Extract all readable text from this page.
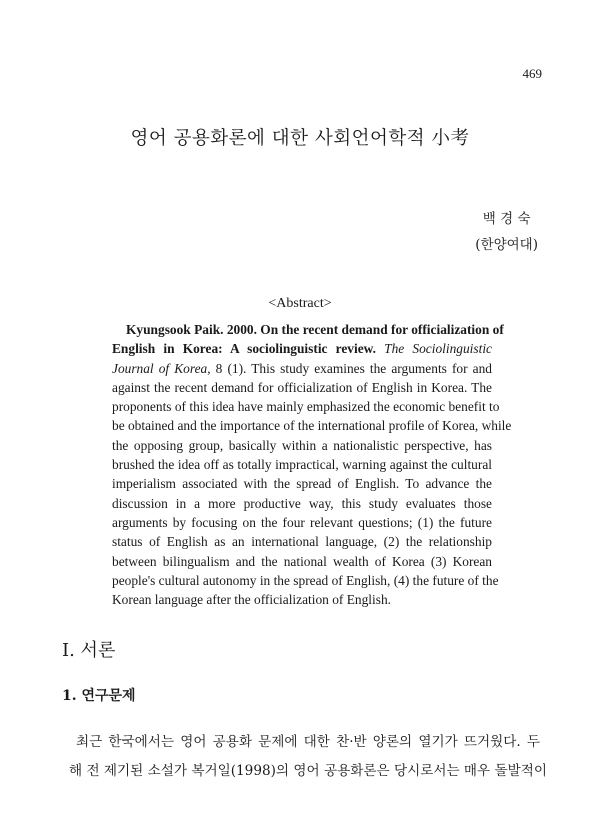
469
영어 공용화론에 대한 사회언어학적 小考
백 경 숙
(한양여대)
<Abstract>
Kyungsook Paik. 2000. On the recent demand for officialization of
English in Korea: A sociolinguistic review. The Sociolinguistic
Journal of Korea, 8 (1). This study examines the arguments for and
against the recent demand for officialization of English in Korea. The
proponents of this idea have mainly emphasized the economic benefit to
be obtained and the importance of the international profile of Korea, while
the opposing group, basically within a nationalistic perspective, has
brushed the idea off as totally impractical, warning against the cultural
imperialism associated with the spread of English. To advance the
discussion in a more productive way, this study evaluates those
arguments by focusing on the four relevant questions; (1) the future
status of English as an international language, (2) the relationship
between bilingualism and the national wealth of Korea (3) Korean
people's cultural autonomy in the spread of English, (4) the future of the
Korean language after the officialization of English.
I. 서론
1. 연구문제
최근 한국에서는 영어 공용화 문제에 대한 찬·반 양론의 열기가 뜨거웠다. 두
해 전 제기된 소설가 복거일(1998)의 영어 공용화론은 당시로서는 매우 돌발적이
